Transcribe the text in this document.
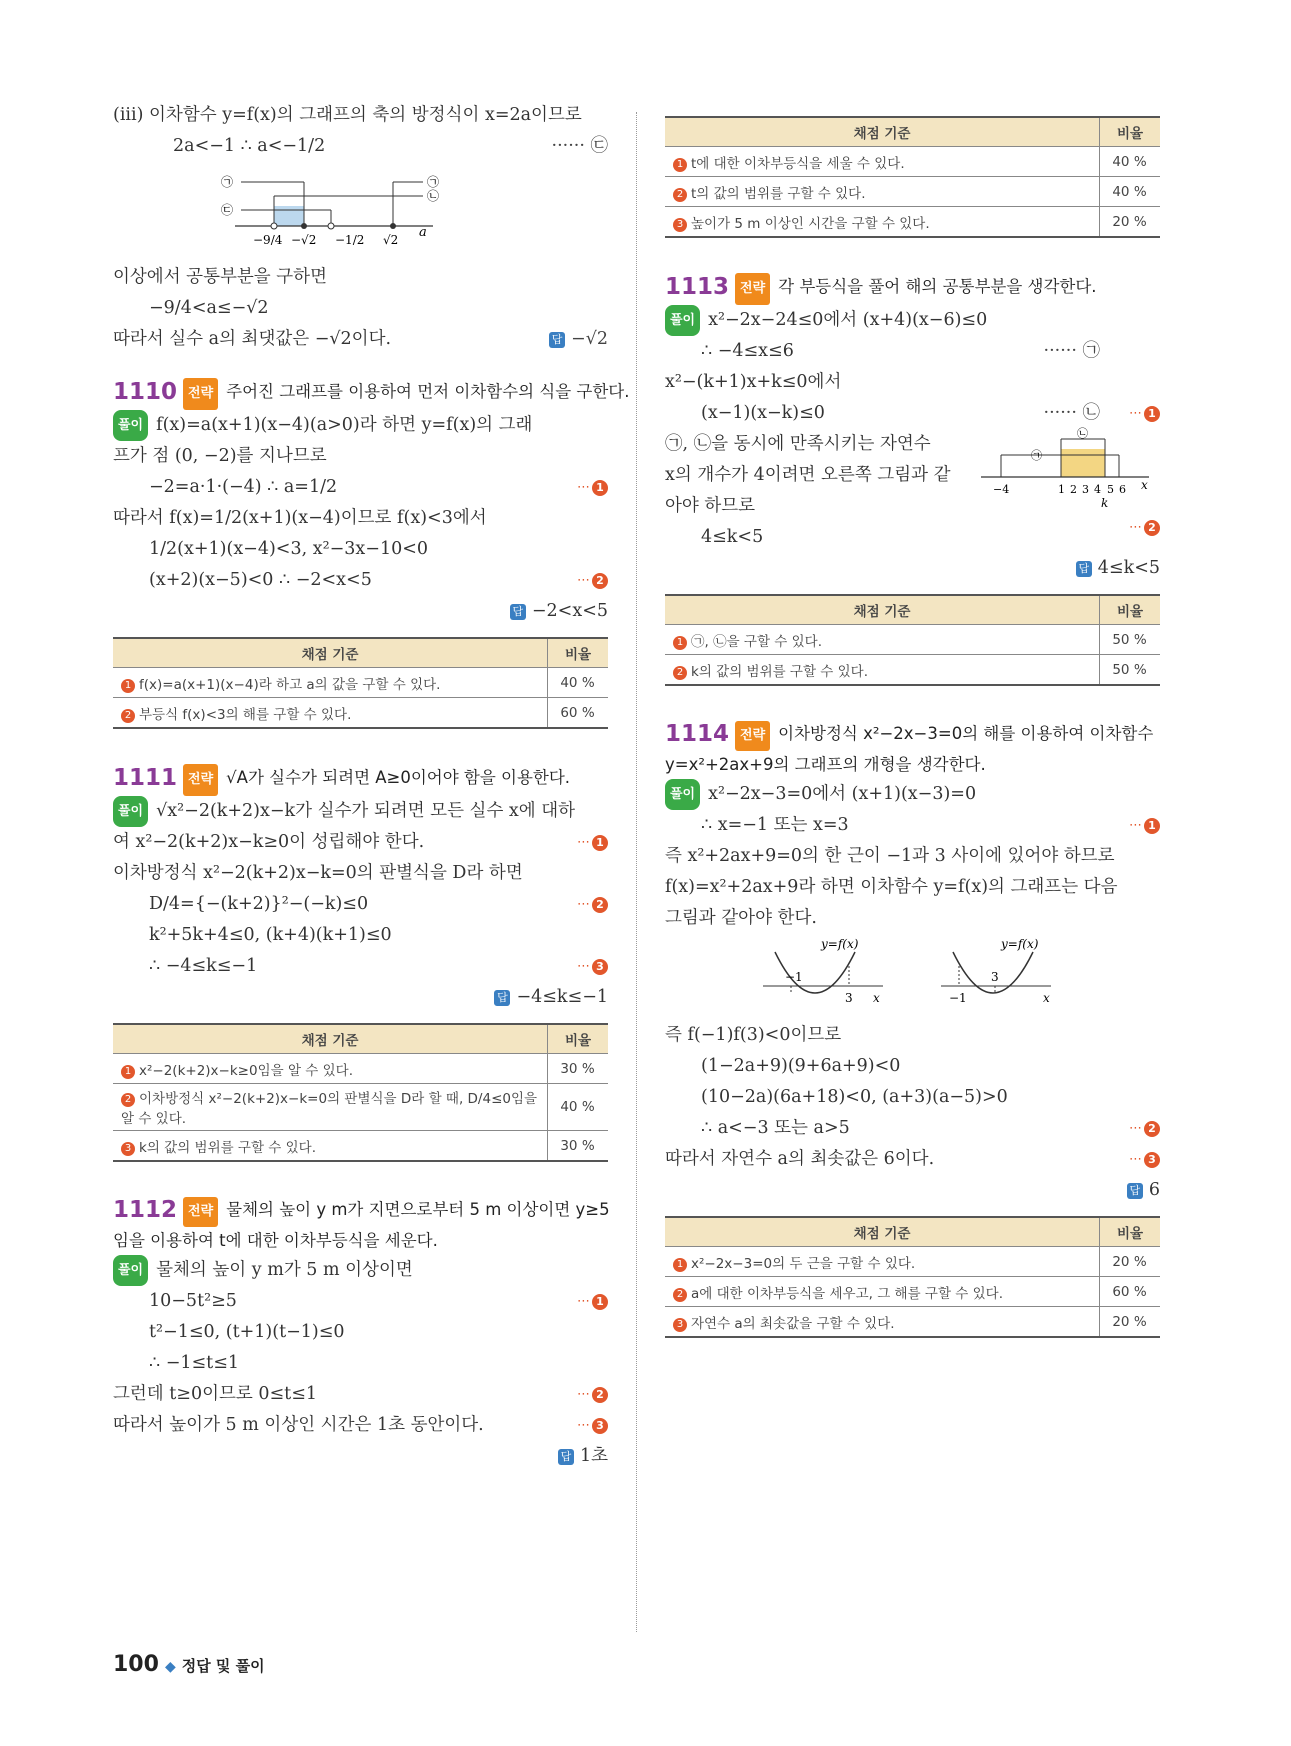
(iii) 이차함수 y=f(x)의 그래프의 축의 방정식이 x=2a이므로
2a<−1 ∴ a<−1/2	······ ㉢
㉠
㉢
㉠
㉡
−9/4 −√2 −1/2 √2 a
이상에서 공통부분을 구하면
−9/4<a≤−√2
따라서 실수 a의 최댓값은 −√2이다.	답 −√2
1110 전략 주어진 그래프를 이용하여 먼저 이차함수의 식을 구한다.
풀이 f(x)=a(x+1)(x−4)(a>0)라 하면 y=f(x)의 그래
프가 점 (0, −2)를 지나므로
−2=a·1·(−4) ∴ a=1/2	⋯ 1
따라서 f(x)=1/2(x+1)(x−4)이므로 f(x)<3에서
1/2(x+1)(x−4)<3, x²−3x−10<0
(x+2)(x−5)<0 ∴ −2<x<5	⋯ 2
답 −2<x<5
채점 기준	비율
1 f(x)=a(x+1)(x−4)라 하고 a의 값을 구할 수 있다.	40 %
2 부등식 f(x)<3의 해를 구할 수 있다.	60 %
1111 전략 √A가 실수가 되려면 A≥0이어야 함을 이용한다.
풀이 √x²−2(k+2)x−k가 실수가 되려면 모든 실수 x에 대하
여 x²−2(k+2)x−k≥0이 성립해야 한다.	⋯ 1
이차방정식 x²−2(k+2)x−k=0의 판별식을 D라 하면
D/4={−(k+2)}²−(−k)≤0	⋯ 2
k²+5k+4≤0, (k+4)(k+1)≤0
∴ −4≤k≤−1	⋯ 3
답 −4≤k≤−1
채점 기준	비율
1 x²−2(k+2)x−k≥0임을 알 수 있다.	30 %
2 이차방정식 x²−2(k+2)x−k=0의 판별식을 D라 할 때, D/4≤0임을 알 수 있다.	40 %
3 k의 값의 범위를 구할 수 있다.	30 %
1112 전략 물체의 높이 y m가 지면으로부터 5 m 이상이면 y≥5
임을 이용하여 t에 대한 이차부등식을 세운다.
풀이 물체의 높이 y m가 5 m 이상이면
10−5t²≥5	⋯ 1
t²−1≤0, (t+1)(t−1)≤0
∴ −1≤t≤1
그런데 t≥0이므로 0≤t≤1	⋯ 2
따라서 높이가 5 m 이상인 시간은 1초 동안이다.	⋯ 3
답 1초
채점 기준	비율
1 t에 대한 이차부등식을 세울 수 있다.	40 %
2 t의 값의 범위를 구할 수 있다.	40 %
3 높이가 5 m 이상인 시간을 구할 수 있다.	20 %
1113 전략 각 부등식을 풀어 해의 공통부분을 생각한다.
풀이 x²−2x−24≤0에서 (x+4)(x−6)≤0
∴ −4≤x≤6	······ ㉠
x²−(k+1)x+k≤0에서
(x−1)(x−k)≤0	······ ㉡ ⋯ 1
㉠, ㉡을 동시에 만족시키는 자연수
x의 개수가 4이려면 오른쪽 그림과 같
아야 하므로
4≤k<5
㉠
㉡
−4	1 2 3 4 5 6 x
k
⋯ 2
답 4≤k<5
채점 기준	비율
1 ㉠, ㉡을 구할 수 있다.	50 %
2 k의 값의 범위를 구할 수 있다.	50 %
1114 전략 이차방정식 x²−2x−3=0의 해를 이용하여 이차함수
y=x²+2ax+9의 그래프의 개형을 생각한다.
풀이 x²−2x−3=0에서 (x+1)(x−3)=0
∴ x=−1 또는 x=3	⋯ 1
즉 x²+2ax+9=0의 한 근이 −1과 3 사이에 있어야 하므로
f(x)=x²+2ax+9라 하면 이차함수 y=f(x)의 그래프는 다음
그림과 같아야 한다.
y=f(x)
−1
3 x
y=f(x)
3
−1	x
즉 f(−1)f(3)<0이므로
(1−2a+9)(9+6a+9)<0
(10−2a)(6a+18)<0, (a+3)(a−5)>0
∴ a<−3 또는 a>5	⋯ 2
따라서 자연수 a의 최솟값은 6이다.	⋯ 3
답 6
채점 기준	비율
1 x²−2x−3=0의 두 근을 구할 수 있다.	20 %
2 a에 대한 이차부등식을 세우고, 그 해를 구할 수 있다.	60 %
3 자연수 a의 최솟값을 구할 수 있다.	20 %
100 ◆ 정답 및 풀이
